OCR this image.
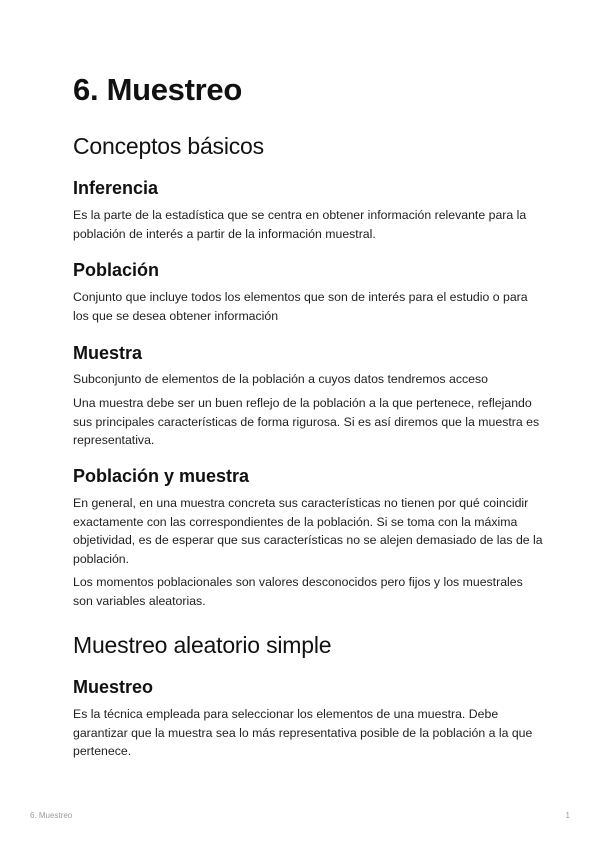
6. Muestreo
Conceptos básicos
Inferencia

Es la parte de la estadística que se centra en obtener información relevante para la población de interés a partir de la información muestral.

Población

Conjunto que incluye todos los elementos que son de interés para el estudio o para los que se desea obtener información

Muestra

Subconjunto de elementos de la población a cuyos datos tendremos acceso

Una muestra debe ser un buen reflejo de la población a la que pertenece, reflejando sus principales características de forma rigurosa. Si es así diremos que la muestra es representativa.

Población y muestra

En general, en una muestra concreta sus características no tienen por qué coincidir exactamente con las correspondientes de la población. Si se toma con la máxima objetividad, es de esperar que sus características no se alejen demasiado de las de la población.

Los momentos poblacionales son valores desconocidos pero fijos y los muestrales son variables aleatorias.

Muestreo aleatorio simple
Muestreo

Es la técnica empleada para seleccionar los elementos de una muestra. Debe garantizar que la muestra sea lo más representativa posible de la población a la que pertenece.

6. Muestreo	1
